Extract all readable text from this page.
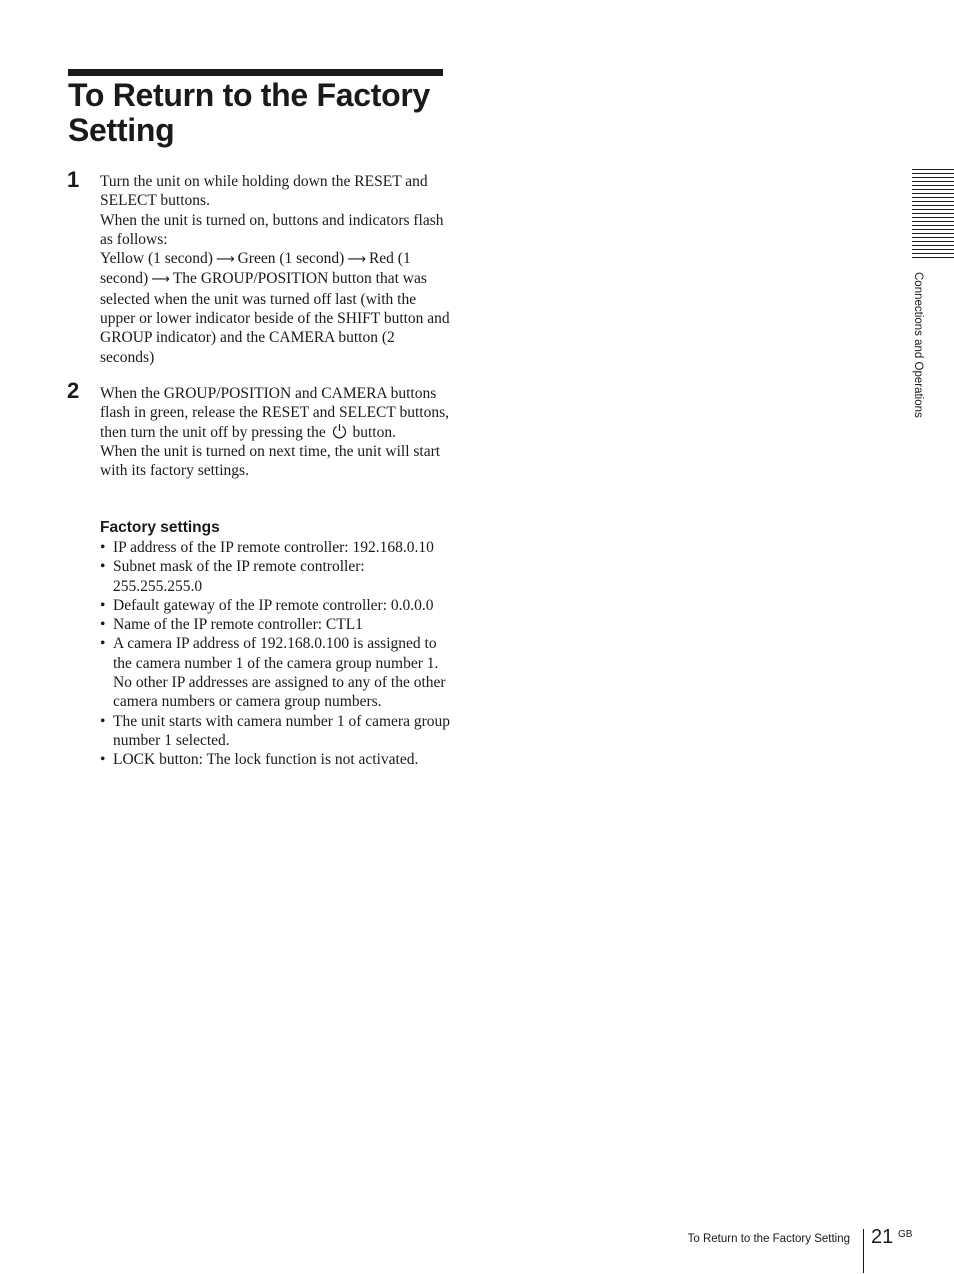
To Return to the Factory Setting
1 Turn the unit on while holding down the RESET and SELECT buttons.

When the unit is turned on, buttons and indicators flash as follows:

Yellow (1 second) ⟶ Green (1 second) ⟶ Red (1 second) ⟶ The GROUP/POSITION button that was selected when the unit was turned off last (with the upper or lower indicator beside of the SHIFT button and GROUP indicator) and the CAMERA button (2 seconds)

2 When the GROUP/POSITION and CAMERA buttons flash in green, release the RESET and SELECT buttons, then turn the unit off by pressing the button.

When the unit is turned on next time, the unit will start with its factory settings.

Factory settings
• IP address of the IP remote controller: 192.168.0.10
• Subnet mask of the IP remote controller: 255.255.255.0
• Default gateway of the IP remote controller: 0.0.0.0
• Name of the IP remote controller: CTL1
• A camera IP address of 192.168.0.100 is assigned to the camera number 1 of the camera group number 1. No other IP addresses are assigned to any of the other camera numbers or camera group numbers.
• The unit starts with camera number 1 of camera group number 1 selected.
• LOCK button: The lock function is not activated.
Connections and Operations
To Return to the Factory Setting 21 GB
